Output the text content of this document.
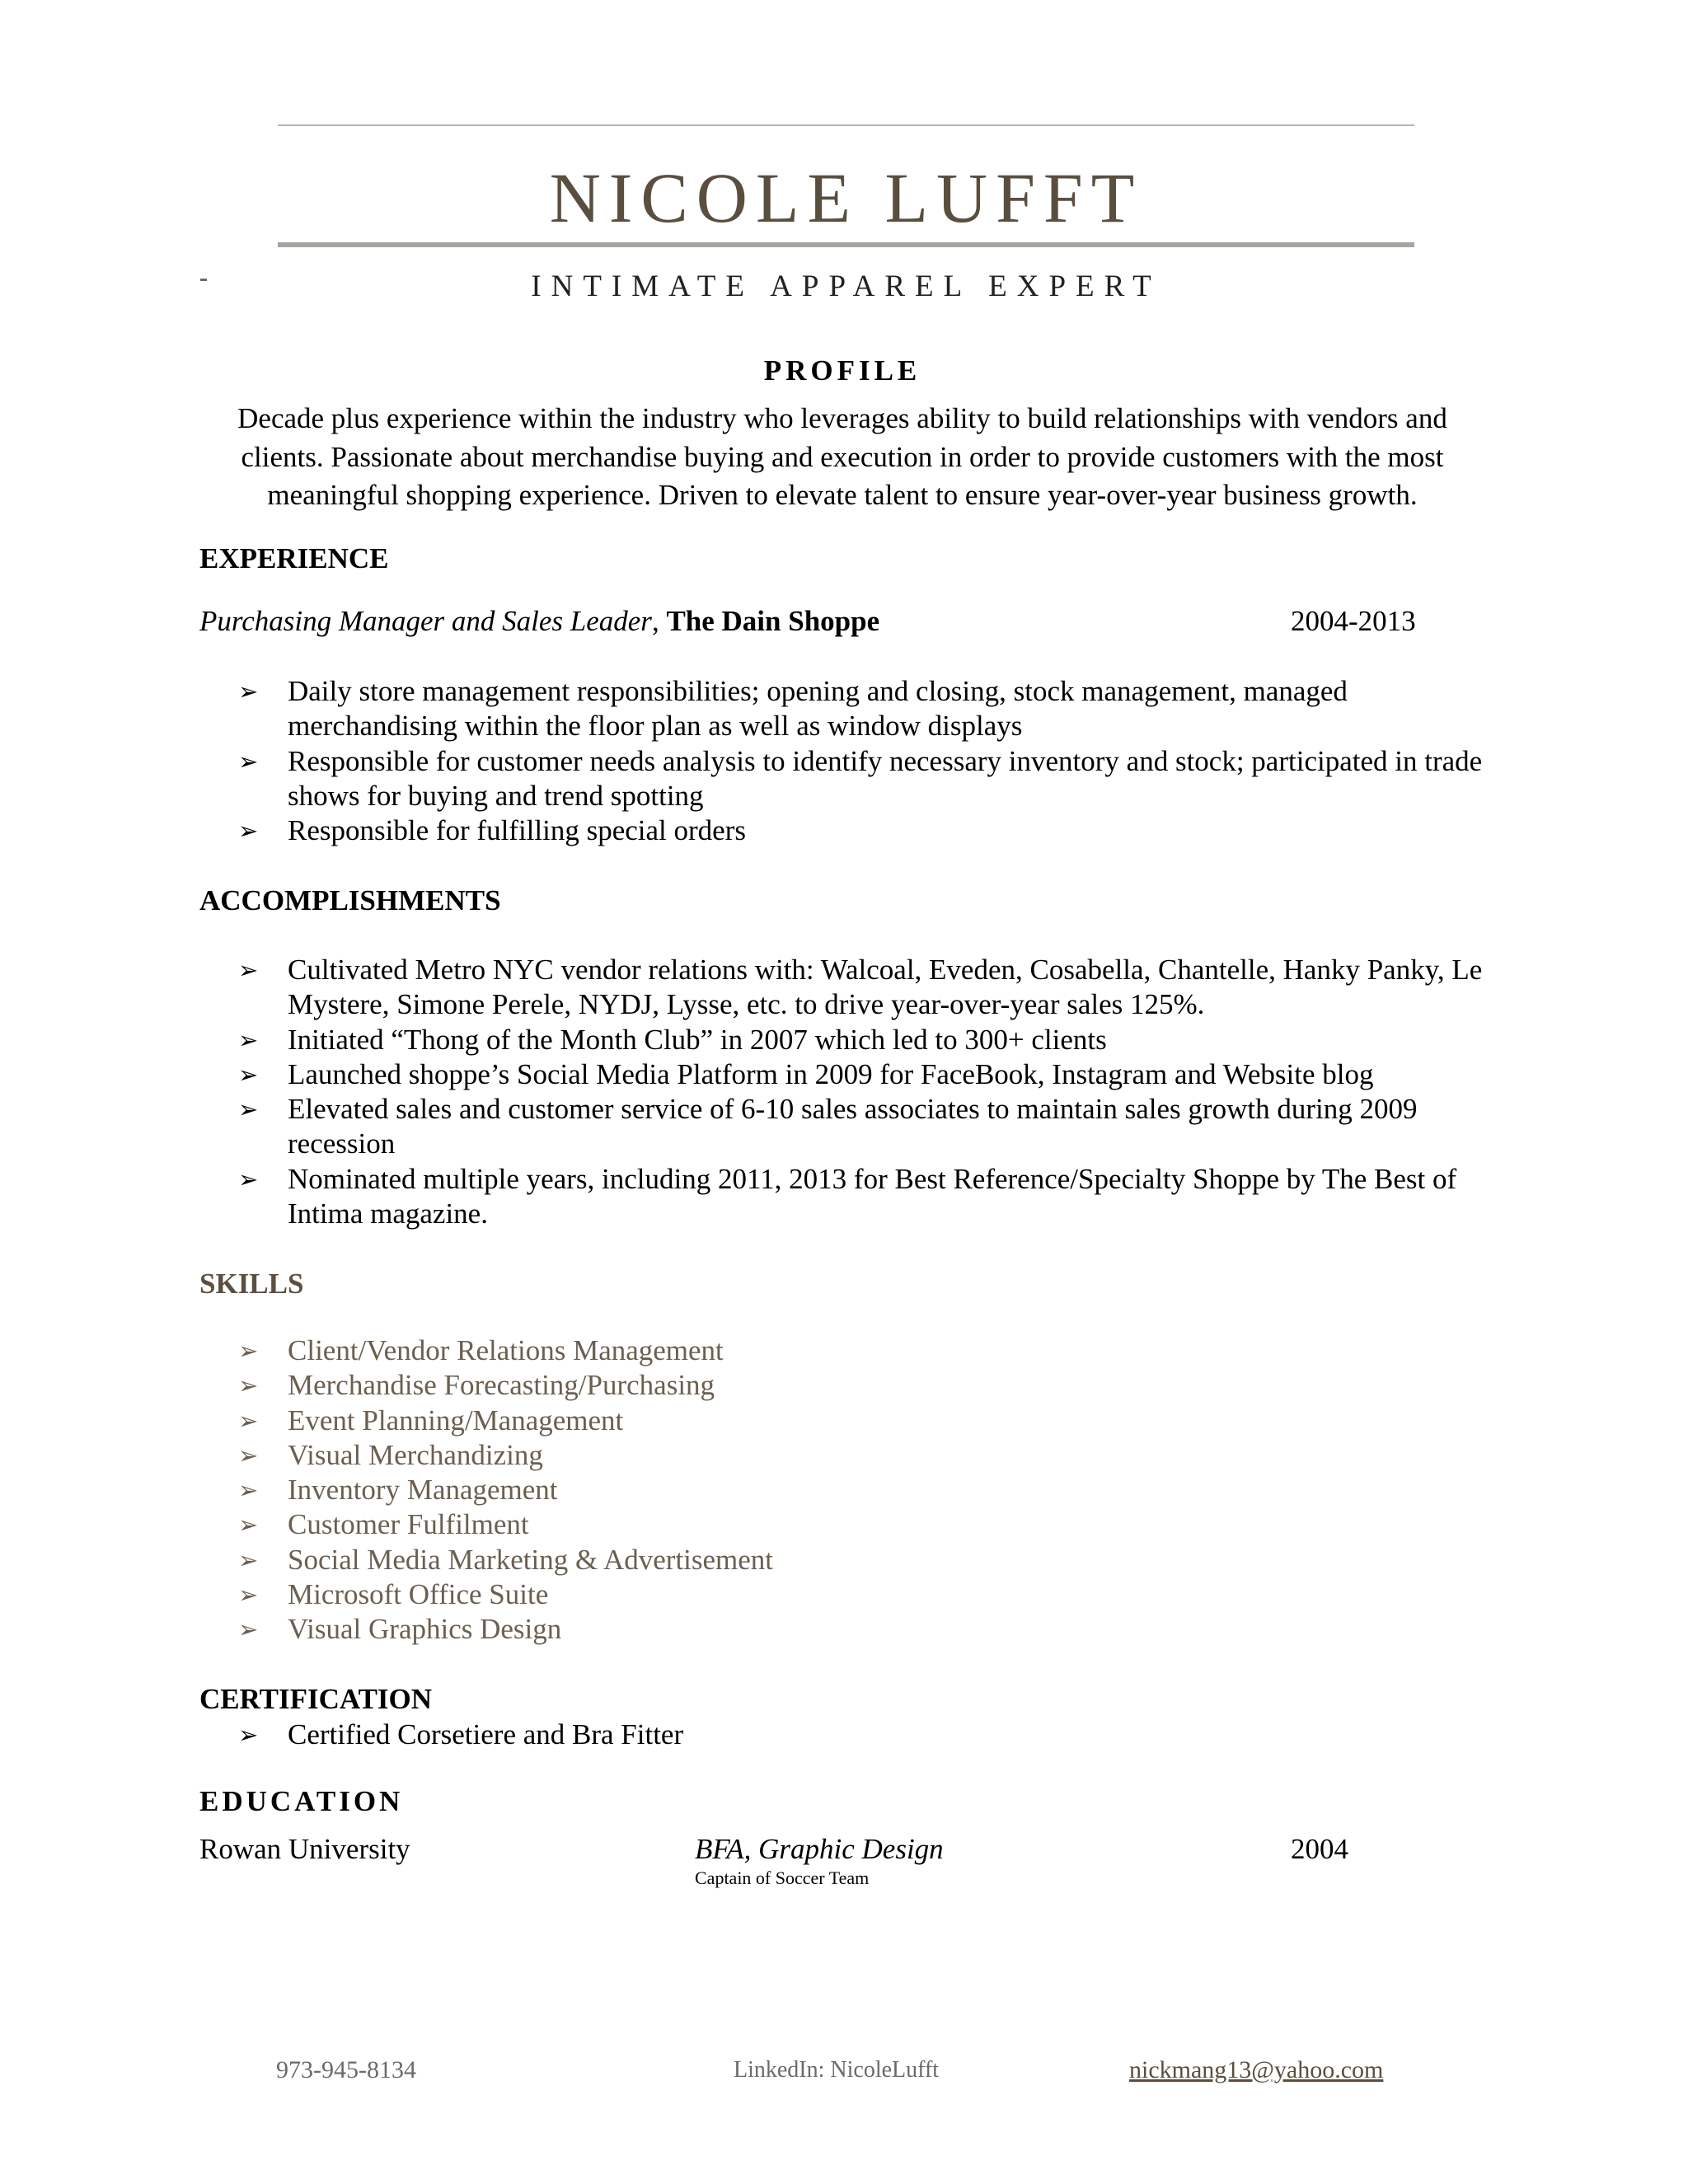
NICOLE LUFFT
INTIMATE APPAREL EXPERT
PROFILE
Decade plus experience within the industry who leverages ability to build relationships with vendors and clients. Passionate about merchandise buying and execution in order to provide customers with the most meaningful shopping experience. Driven to elevate talent to ensure year-over-year business growth.
EXPERIENCE
Purchasing Manager and Sales Leader, The Dain Shoppe	2004-2013
➢ Daily store management responsibilities; opening and closing, stock management, managed merchandising within the floor plan as well as window displays
➢ Responsible for customer needs analysis to identify necessary inventory and stock; participated in trade shows for buying and trend spotting
➢ Responsible for fulfilling special orders
ACCOMPLISHMENTS
➢ Cultivated Metro NYC vendor relations with: Walcoal, Eveden, Cosabella, Chantelle, Hanky Panky, Le Mystere, Simone Perele, NYDJ, Lysse, etc. to drive year-over-year sales 125%.
➢ Initiated “Thong of the Month Club” in 2007 which led to 300+ clients
➢ Launched shoppe’s Social Media Platform in 2009 for FaceBook, Instagram and Website blog
➢ Elevated sales and customer service of 6-10 sales associates to maintain sales growth during 2009 recession
➢ Nominated multiple years, including 2011, 2013 for Best Reference/Specialty Shoppe by The Best of Intima magazine.
SKILLS
➢ Client/Vendor Relations Management
➢ Merchandise Forecasting/Purchasing
➢ Event Planning/Management
➢ Visual Merchandizing
➢ Inventory Management
➢ Customer Fulfilment
➢ Social Media Marketing & Advertisement
➢ Microsoft Office Suite
➢ Visual Graphics Design
CERTIFICATION
➢ Certified Corsetiere and Bra Fitter
EDUCATION
Rowan University	BFA, Graphic Design	2004
Captain of Soccer Team
973-945-8134	LinkedIn: NicoleLufft	nickmang13@yahoo.com
